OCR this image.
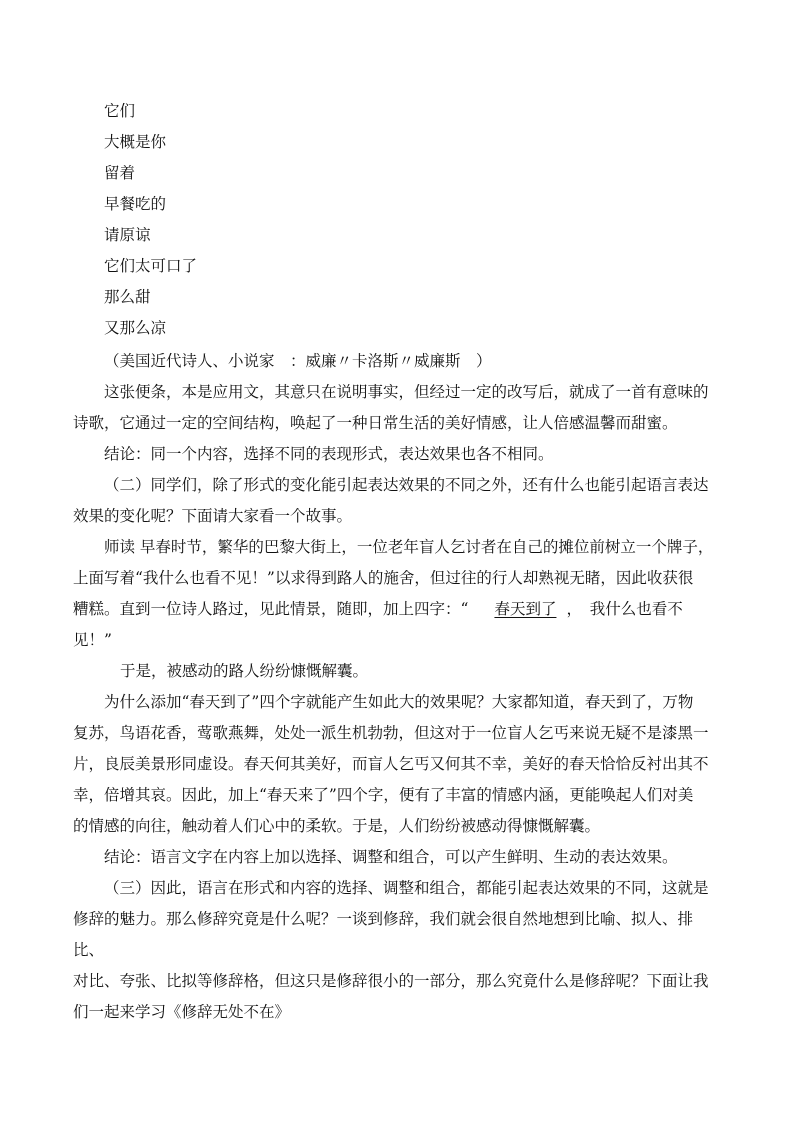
它们
大概是你
留着
早餐吃的
请原谅
它们太可口了
那么甜
又那么凉

（美国近代诗人、小说家　：威廉〃卡洛斯〃威廉斯　）

这张便条，本是应用文，其意只在说明事实，但经过一定的改写后，就成了一首有意味的

诗歌，它通过一定的空间结构，唤起了一种日常生活的美好情感，让人倍感温馨而甜蜜。

结论：同一个内容，选择不同的表现形式，表达效果也各不相同。

（二）同学们，除了形式的变化能引起表达效果的不同之外，还有什么也能引起语言表达

效果的变化呢？下面请大家看一个故事。

师读 早春时节，繁华的巴黎大街上，一位老年盲人乞讨者在自己的摊位前树立一个牌子，

上面写着“我什么也看不见！”以求得到路人的施舍，但过往的行人却熟视无睹，因此收获很

糟糕。直到一位诗人路过，见此情景，随即，加上四字：“ 春天到了 ，　我什么也看不

见！”

于是，被感动的路人纷纷慷慨解囊。

为什么添加“春天到了”四个字就能产生如此大的效果呢？大家都知道，春天到了，万物

复苏，鸟语花香，莺歌燕舞，处处一派生机勃勃，但这对于一位盲人乞丐来说无疑不是漆黑一

片，良辰美景形同虚设。春天何其美好，而盲人乞丐又何其不幸，美好的春天恰恰反衬出其不

幸，倍增其哀。因此，加上“春天来了”四个字，便有了丰富的情感内涵，更能唤起人们对美

的情感的向往，触动着人们心中的柔软。于是，人们纷纷被感动得慷慨解囊。

结论：语言文字在内容上加以选择、调整和组合，可以产生鲜明、生动的表达效果。

（三）因此，语言在形式和内容的选择、调整和组合，都能引起表达效果的不同，这就是

修辞的魅力。那么修辞究竟是什么呢？一谈到修辞，我们就会很自然地想到比喻、拟人、排比、

对比、夸张、比拟等修辞格，但这只是修辞很小的一部分，那么究竟什么是修辞呢？下面让我

们一起来学习《修辞无处不在》
